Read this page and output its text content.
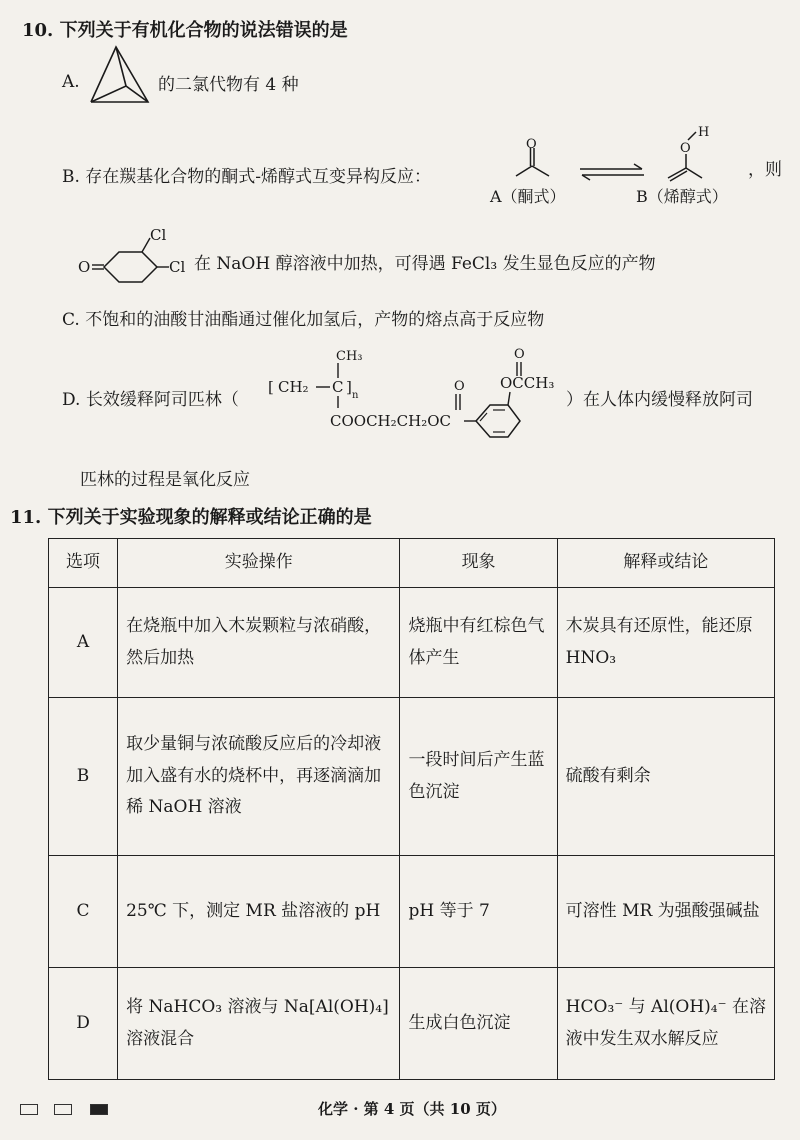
10. 下列关于有机化合物的说法错误的是
A.	的二氯代物有 4 种
B. 存在羰基化合物的酮式-烯醇式互变异构反应：
O
A（酮式）
H
O
B（烯醇式）
，则
O
Cl
Cl 在 NaOH 醇溶液中加热，可得遇 FeCl₃ 发生显色反应的产物
C. 不饱和的油酸甘油酯通过催化加氢后，产物的熔点高于反应物
D. 长效缓释阿司匹林（
[ CH₂ C ] n
CH₃
COOCH₂CH₂OC
O OCCH₃
O
）在人体内缓慢释放阿司
匹林的过程是氧化反应
11. 下列关于实验现象的解释或结论正确的是
选项	实验操作	现象	解释或结论
A	在烧瓶中加入木炭颗粒与浓硝酸，然后加热	烧瓶中有红棕色气体产生	木炭具有还原性，能还原 HNO₃
B	取少量铜与浓硫酸反应后的冷却液加入盛有水的烧杯中，再逐滴滴加稀 NaOH 溶液	一段时间后产生蓝色沉淀	硫酸有剩余
C	25℃ 下，测定 MR 盐溶液的 pH	pH 等于 7	可溶性 MR 为强酸强碱盐
D	将 NaHCO₃ 溶液与 Na[Al(OH)₄]溶液混合	生成白色沉淀	HCO₃⁻ 与 Al(OH)₄⁻ 在溶液中发生双水解反应
化学 · 第 4 页（共 10 页）
